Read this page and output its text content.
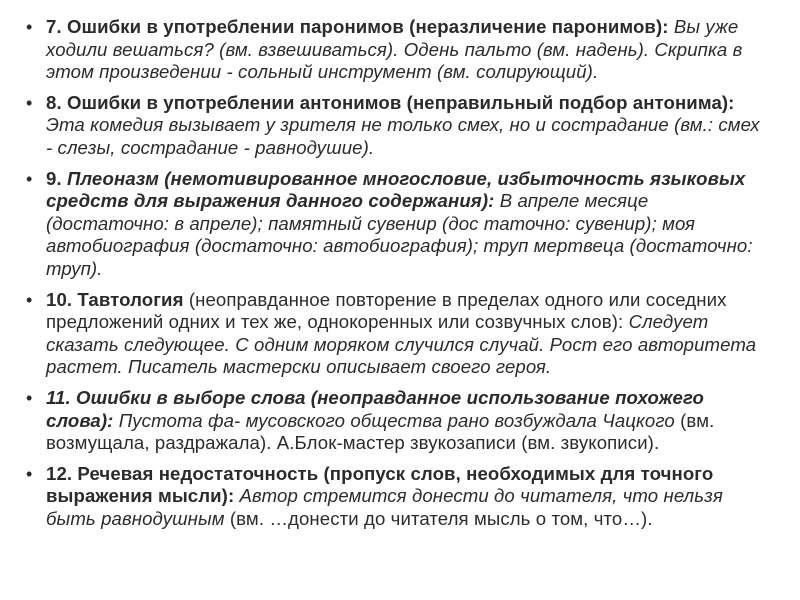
• 7. Ошибки в употреблении паронимов (неразличение паронимов): Вы уже ходили вешаться? (вм. взвешиваться). Одень пальто (вм. надень). Скрипка в этом произведении - сольный инструмент (вм. солирующий).
• 8. Ошибки в употреблении антонимов (неправильный подбор антонима): Эта комедия вызывает у зрителя не только смех, но и сострадание (вм.: смех - слезы, сострадание - равнодушие).
• 9. Плеоназм (немотивированное многословие, избыточность языковых средств для выражения данного содержания): В апреле месяце (достаточно: в апреле); памятный сувенир (дос таточно: сувенир); моя автобиография (достаточно: автобиография); труп мертвеца (достаточно: труп).
• 10. Тавтология (неоправданное повторение в пределах одного или соседних предложений одних и тех же, однокоренных или созвучных слов): Следует сказать следующее. С одним моряком случился случай. Рост его авторитета растет. Писатель мастерски описывает своего героя.
• 11. Ошибки в выборе слова (неоправданное использование похожего слова): Пустота фа- мусовского общества рано возбуждала Чацкого (вм. возмущала, раздражала). А.Блок-мастер звукозаписи (вм. звукописи).
• 12. Речевая недостаточность (пропуск слов, необходимых для точного выражения мысли): Автор стремится донести до читателя, что нельзя быть равнодушным (вм. …донести до читателя мысль о том, что…).
